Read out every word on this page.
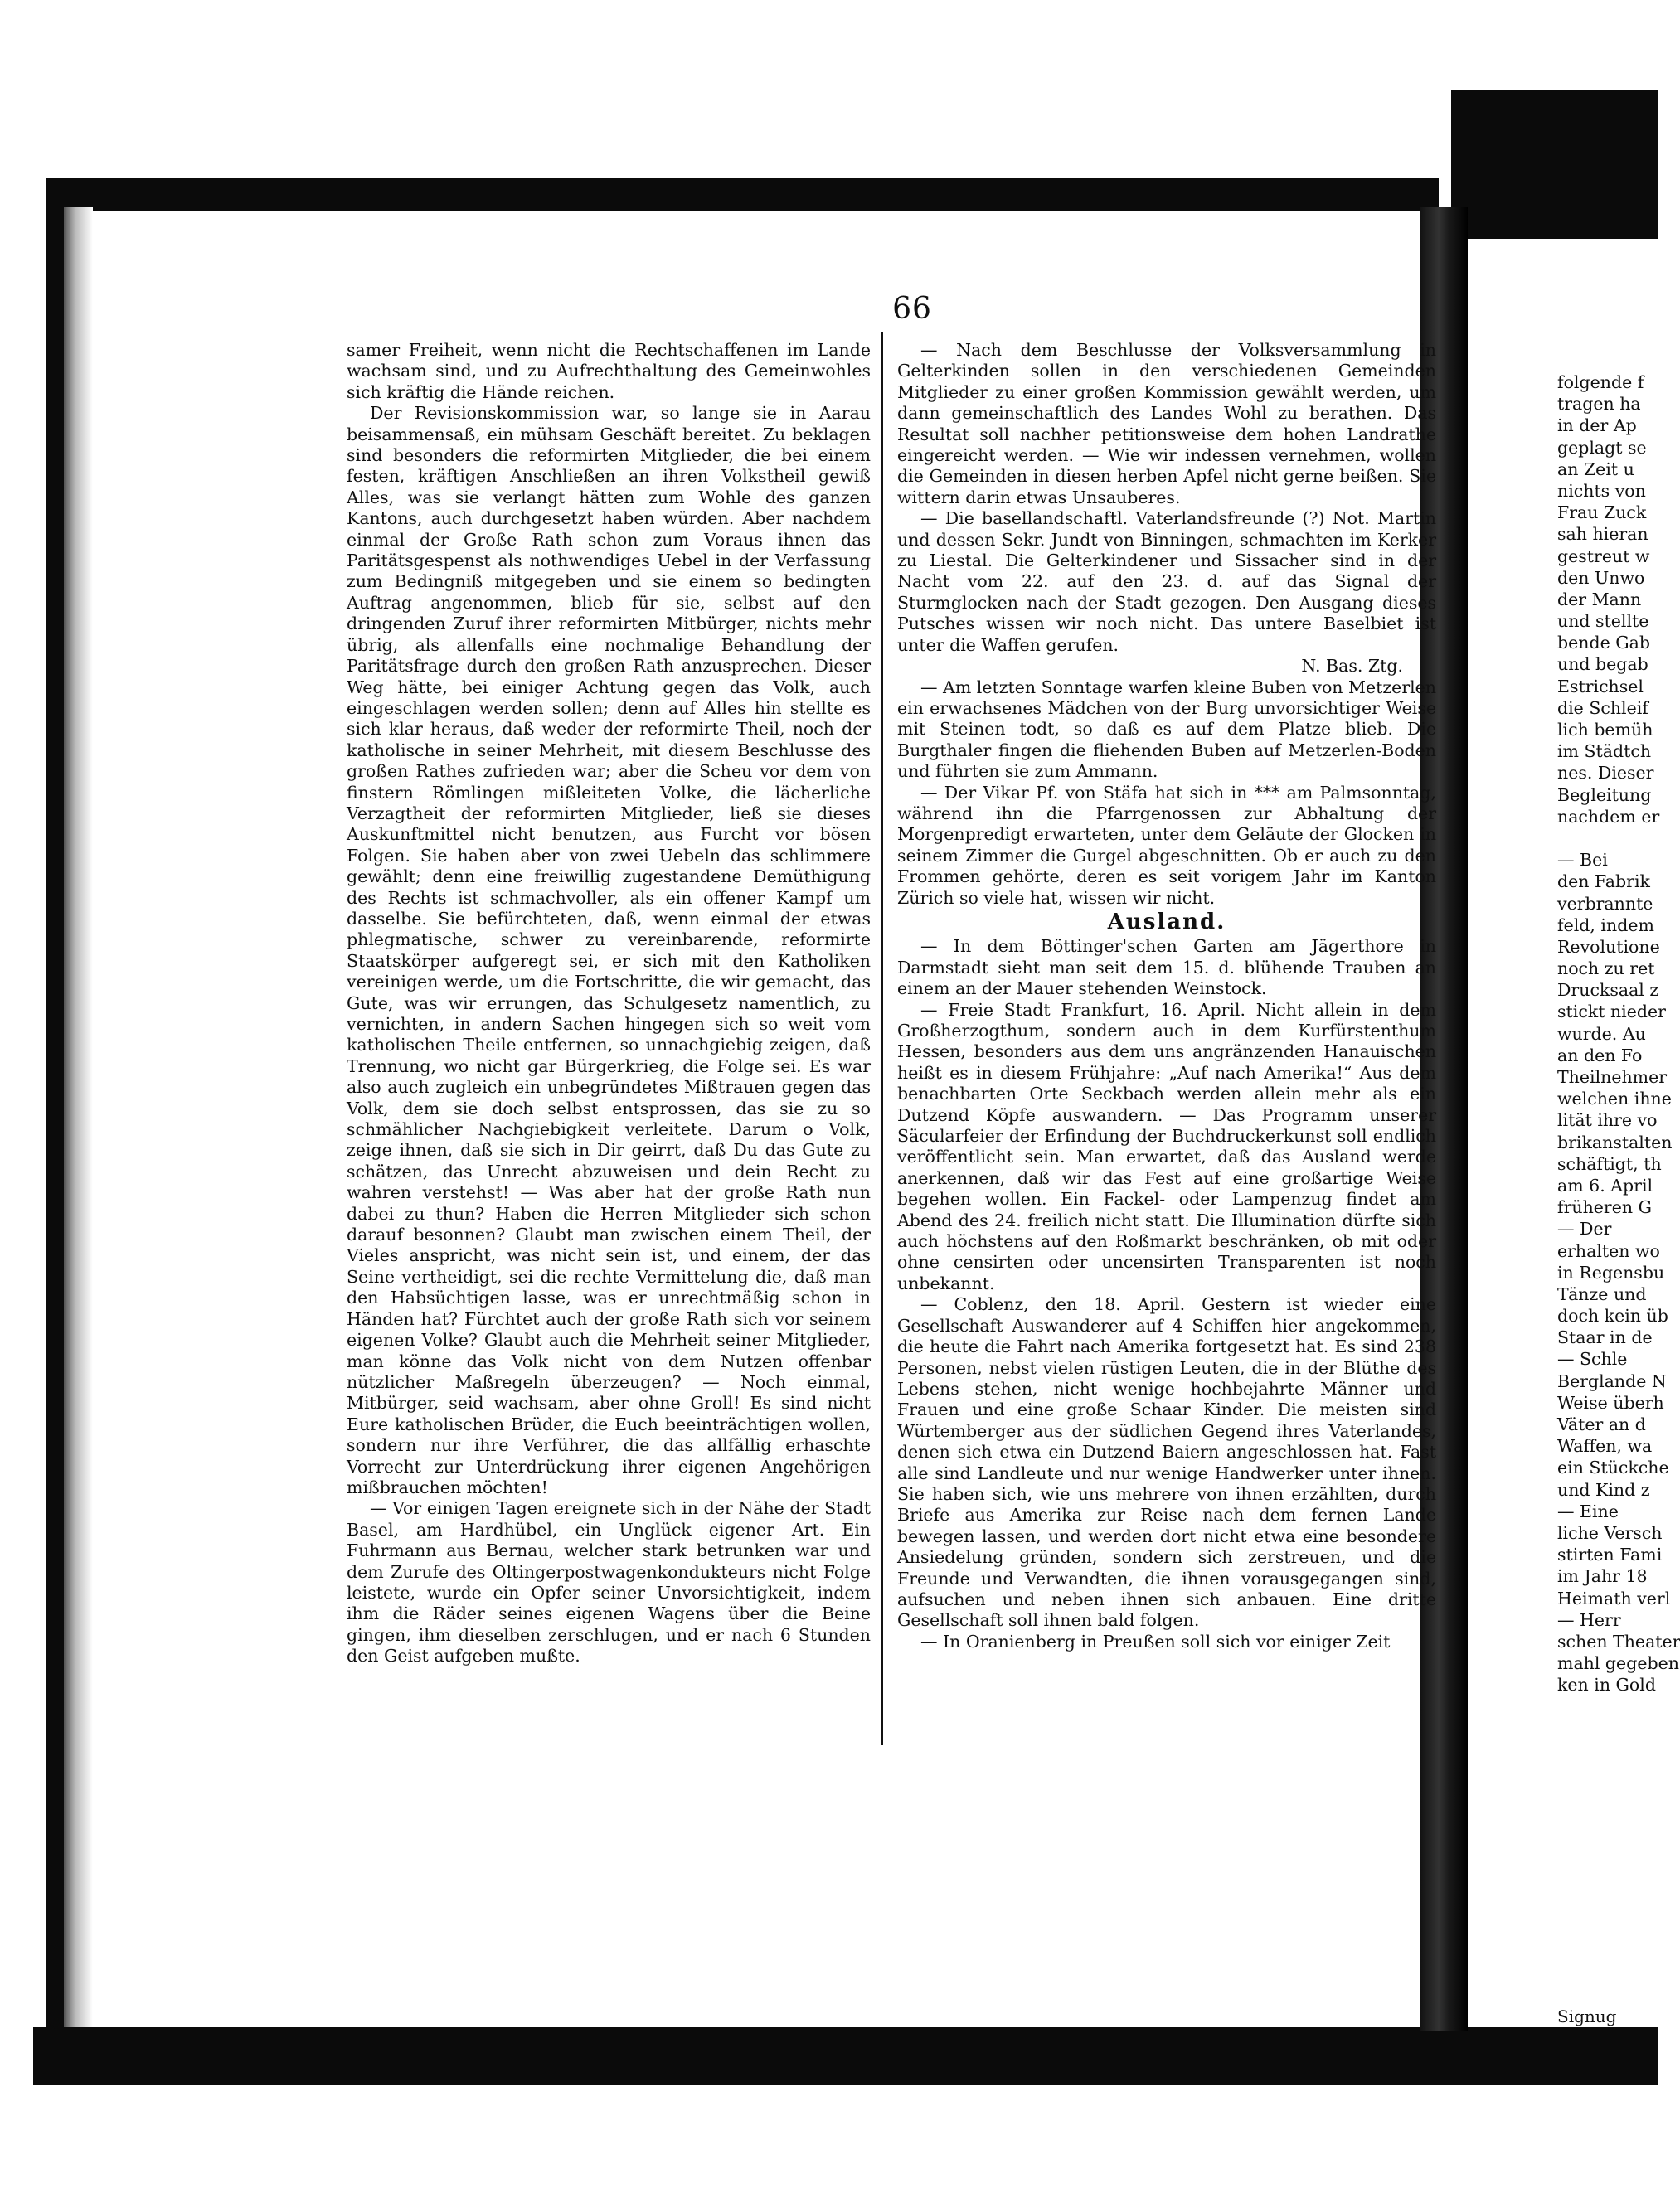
66

samer Freiheit, wenn nicht die Rechtschaffenen im Lande wachsam sind, und zu Aufrechthaltung des Gemeinwohles sich kräftig die Hände reichen.

Der Revisionskommission war, so lange sie in Aarau beisammensaß, ein mühsam Geschäft bereitet. Zu beklagen sind besonders die reformirten Mitglieder, die bei einem festen, kräftigen Anschließen an ihren Volkstheil gewiß Alles, was sie verlangt hätten zum Wohle des ganzen Kantons, auch durchgesetzt haben würden. Aber nachdem einmal der Große Rath schon zum Voraus ihnen das Paritätsgespenst als nothwendiges Uebel in der Verfassung zum Bedingniß mitgegeben und sie einem so bedingten Auftrag angenommen, blieb für sie, selbst auf den dringenden Zuruf ihrer reformirten Mitbürger, nichts mehr übrig, als allenfalls eine nochmalige Behandlung der Paritätsfrage durch den großen Rath anzusprechen. Dieser Weg hätte, bei einiger Achtung gegen das Volk, auch eingeschlagen werden sollen; denn auf Alles hin stellte es sich klar heraus, daß weder der reformirte Theil, noch der katholische in seiner Mehrheit, mit diesem Beschlusse des großen Rathes zufrieden war; aber die Scheu vor dem von finstern Römlingen mißleiteten Volke, die lächerliche Verzagtheit der reformirten Mitglieder, ließ sie dieses Auskunftmittel nicht benutzen, aus Furcht vor bösen Folgen. Sie haben aber von zwei Uebeln das schlimmere gewählt; denn eine freiwillig zugestandene Demüthigung des Rechts ist schmachvoller, als ein offener Kampf um dasselbe. Sie befürchteten, daß, wenn einmal der etwas phlegmatische, schwer zu vereinbarende, reformirte Staatskörper aufgeregt sei, er sich mit den Katholiken vereinigen werde, um die Fortschritte, die wir gemacht, das Gute, was wir errungen, das Schulgesetz namentlich, zu vernichten, in andern Sachen hingegen sich so weit vom katholischen Theile entfernen, so unnachgiebig zeigen, daß Trennung, wo nicht gar Bürgerkrieg, die Folge sei. Es war also auch zugleich ein unbegründetes Mißtrauen gegen das Volk, dem sie doch selbst entsprossen, das sie zu so schmählicher Nachgiebigkeit verleitete. Darum o Volk, zeige ihnen, daß sie sich in Dir geirrt, daß Du das Gute zu schätzen, das Unrecht abzuweisen und dein Recht zu wahren verstehst! — Was aber hat der große Rath nun dabei zu thun? Haben die Herren Mitglieder sich schon darauf besonnen? Glaubt man zwischen einem Theil, der Vieles anspricht, was nicht sein ist, und einem, der das Seine vertheidigt, sei die rechte Vermittelung die, daß man den Habsüchtigen lasse, was er unrechtmäßig schon in Händen hat? Fürchtet auch der große Rath sich vor seinem eigenen Volke? Glaubt auch die Mehrheit seiner Mitglieder, man könne das Volk nicht von dem Nutzen offenbar nützlicher Maßregeln überzeugen? — Noch einmal, Mitbürger, seid wachsam, aber ohne Groll! Es sind nicht Eure katholischen Brüder, die Euch beeinträchtigen wollen, sondern nur ihre Verführer, die das allfällig erhaschte Vorrecht zur Unterdrückung ihrer eigenen Angehörigen mißbrauchen möchten!

— Vor einigen Tagen ereignete sich in der Nähe der Stadt Basel, am Hardhübel, ein Unglück eigener Art. Ein Fuhrmann aus Bernau, welcher stark betrunken war und dem Zurufe des Oltingerpostwagenkondukteurs nicht Folge leistete, wurde ein Opfer seiner Unvorsichtigkeit, indem ihm die Räder seines eigenen Wagens über die Beine gingen, ihm dieselben zerschlugen, und er nach 6 Stunden den Geist aufgeben mußte.

— Nach dem Beschlusse der Volksversammlung in Gelterkinden sollen in den verschiedenen Gemeinden Mitglieder zu einer großen Kommission gewählt werden, um dann gemeinschaftlich des Landes Wohl zu berathen. Das Resultat soll nachher petitionsweise dem hohen Landrathe eingereicht werden. — Wie wir indessen vernehmen, wollen die Gemeinden in diesen herben Apfel nicht gerne beißen. Sie wittern darin etwas Unsauberes.

— Die basellandschaftl. Vaterlandsfreunde (?) Not. Martin und dessen Sekr. Jundt von Binningen, schmachten im Kerker zu Liestal. Die Gelterkindener und Sissacher sind in der Nacht vom 22. auf den 23. d. auf das Signal der Sturmglocken nach der Stadt gezogen. Den Ausgang dieses Putsches wissen wir noch nicht. Das untere Baselbiet ist unter die Waffen gerufen.

N. Bas. Ztg.

— Am letzten Sonntage warfen kleine Buben von Metzerlen ein erwachsenes Mädchen von der Burg unvorsichtiger Weise mit Steinen todt, so daß es auf dem Platze blieb. Die Burgthaler fingen die fliehenden Buben auf Metzerlen-Boden und führten sie zum Ammann.

— Der Vikar Pf. von Stäfa hat sich in *** am Palmsonntag, während ihn die Pfarrgenossen zur Abhaltung der Morgenpredigt erwarteten, unter dem Geläute der Glocken in seinem Zimmer die Gurgel abgeschnitten. Ob er auch zu den Frommen gehörte, deren es seit vorigem Jahr im Kanton Zürich so viele hat, wissen wir nicht.

Ausland.

— In dem Böttinger'schen Garten am Jägerthore in Darmstadt sieht man seit dem 15. d. blühende Trauben an einem an der Mauer stehenden Weinstock.

— Freie Stadt Frankfurt, 16. April. Nicht allein in dem Großherzogthum, sondern auch in dem Kurfürstenthum Hessen, besonders aus dem uns angränzenden Hanauischen heißt es in diesem Frühjahre: „Auf nach Amerika!“ Aus dem benachbarten Orte Seckbach werden allein mehr als ein Dutzend Köpfe auswandern. — Das Programm unserer Säcularfeier der Erfindung der Buchdruckerkunst soll endlich veröffentlicht sein. Man erwartet, daß das Ausland werde anerkennen, daß wir das Fest auf eine großartige Weise begehen wollen. Ein Fackel- oder Lampenzug findet am Abend des 24. freilich nicht statt. Die Illumination dürfte sich auch höchstens auf den Roßmarkt beschränken, ob mit oder ohne censirten oder uncensirten Transparenten ist noch unbekannt.

— Coblenz, den 18. April. Gestern ist wieder eine Gesellschaft Auswanderer auf 4 Schiffen hier angekommen, die heute die Fahrt nach Amerika fortgesetzt hat. Es sind 238 Personen, nebst vielen rüstigen Leuten, die in der Blüthe des Lebens stehen, nicht wenige hochbejahrte Männer und Frauen und eine große Schaar Kinder. Die meisten sind Würtemberger aus der südlichen Gegend ihres Vaterlandes, denen sich etwa ein Dutzend Baiern angeschlossen hat. Fast alle sind Landleute und nur wenige Handwerker unter ihnen. Sie haben sich, wie uns mehrere von ihnen erzählten, durch Briefe aus Amerika zur Reise nach dem fernen Lande bewegen lassen, und werden dort nicht etwa eine besondere Ansiedelung gründen, sondern sich zerstreuen, und die Freunde und Verwandten, die ihnen vorausgegangen sind, aufsuchen und neben ihnen sich anbauen. Eine dritte Gesellschaft soll ihnen bald folgen.

— In Oranienberg in Preußen soll sich vor einiger Zeit

folgende f
tragen ha
in der Ap
geplagt se
an Zeit u
nichts von
Frau Zuck
sah hieran
gestreut w
den Unwo
der Mann
und stellte
bende Gab
und begab
Estrichsel
die Schleif
lich bemüh
im Städtch
nes. Dieser
Begleitung
nachdem er
— Bei
den Fabrik
verbrannte
feld, indem
Revolutione
noch zu ret
Drucksaal z
stickt nieder
wurde. Au
an den Fo
Theilnehmer
welchen ihne
lität ihre vo
brikanstalten
schäftigt, th
am 6. April
früheren G
— Der
erhalten wo
in Regensbu
Tänze und
doch kein üb
Staar in de
— Schle
Berglande N
Weise überh
Väter an d
Waffen, wa
ein Stückche
und Kind z
— Eine
liche Versch
stirten Fami
im Jahr 18
Heimath verl
— Herr
schen Theater
mahl gegeben
ken in Gold
Signug
